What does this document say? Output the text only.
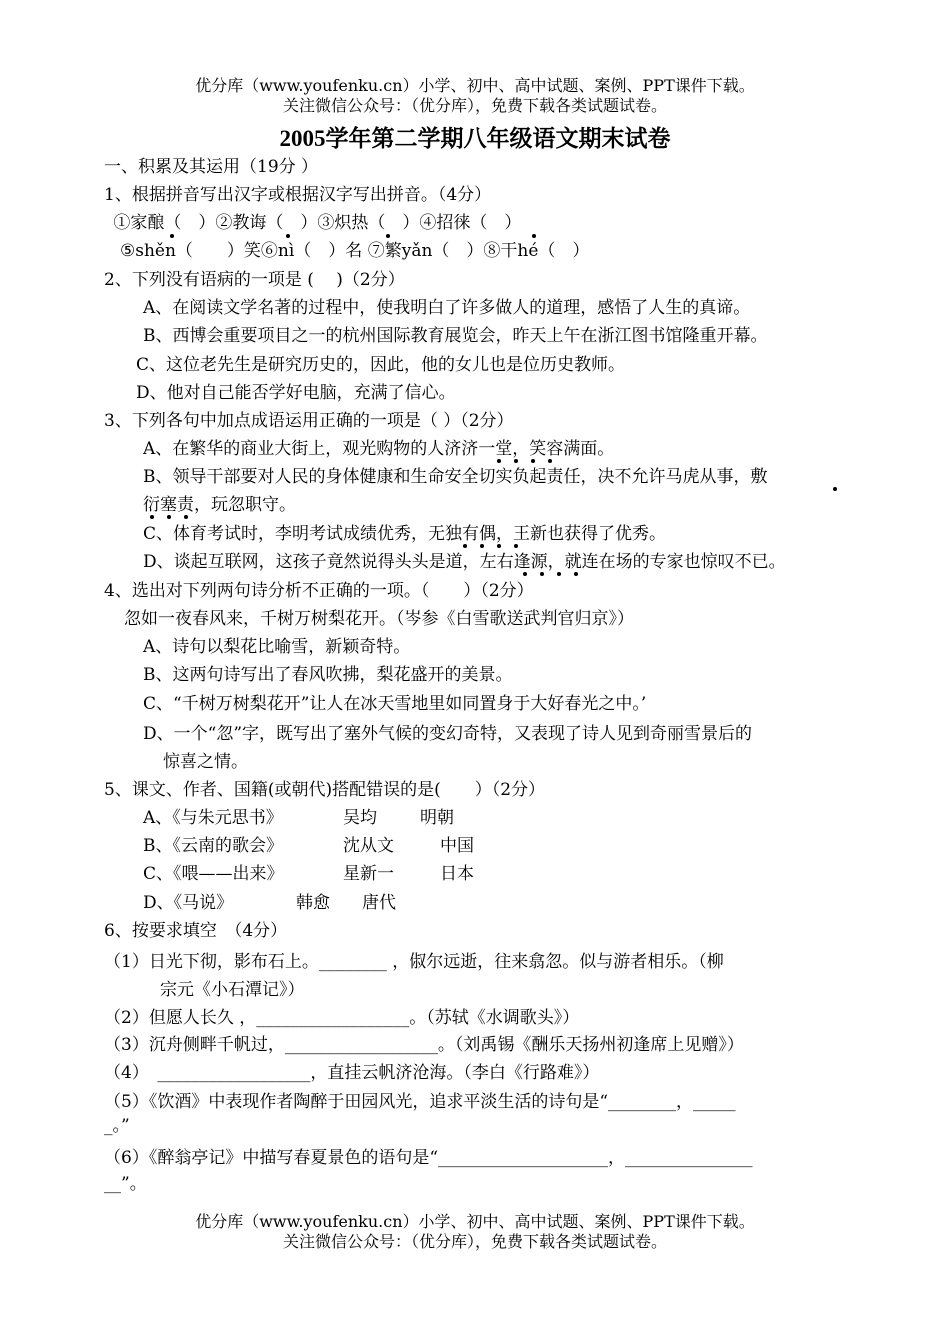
优分库（www.youfenku.cn）小学、初中、高中试题、案例、PPT课件下载。
关注微信公众号：（优分库），免费下载各类试题试卷。
2005学年第二学期八年级语文期末试卷
一、积累及其运用（19分 ）
1、根据拼音写出汉字或根据汉字写出拼音。（4分）
①家酿（　）②教诲（　）③炽热（　）④招徕（　）
⑤shěn（　　）笑⑥nì（　）名 ⑦繁yǎn（　）⑧干hé（　）
2、下列没有语病的一项是 (　 )（2分）
A、在阅读文学名著的过程中，使我明白了许多做人的道理，感悟了人生的真谛。
B、西博会重要项目之一的杭州国际教育展览会，昨天上午在浙江图书馆隆重开幕。
C、这位老先生是研究历史的，因此，他的女儿也是位历史教师。
D、他对自己能否学好电脑，充满了信心。
3、下列各句中加点成语运用正确的一项是（ ）（2分）
A、在繁华的商业大街上，观光购物的人济济一堂，笑容满面。
B、领导干部要对人民的身体健康和生命安全切实负起责任，决不允许马虎从事，敷
衍塞责，玩忽职守。
C、体育考试时，李明考试成绩优秀，无独有偶，王新也获得了优秀。
D、谈起互联网，这孩子竟然说得头头是道，左右逢源，就连在场的专家也惊叹不已。
4、选出对下列两句诗分析不正确的一项。（　　）（2分）
忽如一夜春风来，千树万树梨花开。（岑参《白雪歌送武判官归京》）
A、诗句以梨花比喻雪，新颖奇特。
B、这两句诗写出了春风吹拂，梨花盛开的美景。
C、“千树万树梨花开”让人在冰天雪地里如同置身于大好春光之中。’
D、一个“忽”字，既写出了塞外气候的变幻奇特，又表现了诗人见到奇丽雪景后的
惊喜之情。
5、课文、作者、国籍(或朝代)搭配错误的是(　　）（2分）
A、《与朱元思书》	吴均	明朝
B、《云南的歌会》	沈从文	中国
C、《喂——出来》	星新一	日本
D、《马说》	韩愈 唐代
6、按要求填空　（4分）
（1）日光下彻，影布石上。________ ，俶尔远逝，往来翕忽。似与游者相乐。（柳
宗元《小石潭记》）
（2）但愿人长久 ，__________________。（苏轼《水调歌头》）
（3）沉舟侧畔千帆过，__________________。（刘禹锡《酬乐天扬州初逢席上见赠》）
（4）　__________________，直挂云帆济沧海。（李白《行路难》）
（5）《饮酒》中表现作者陶醉于田园风光，追求平淡生活的诗句是“________，_____
_。”
（6）《醉翁亭记》中描写春夏景色的语句是“____________________，_______________
__”。
优分库（www.youfenku.cn）小学、初中、高中试题、案例、PPT课件下载。
关注微信公众号：（优分库），免费下载各类试题试卷。
